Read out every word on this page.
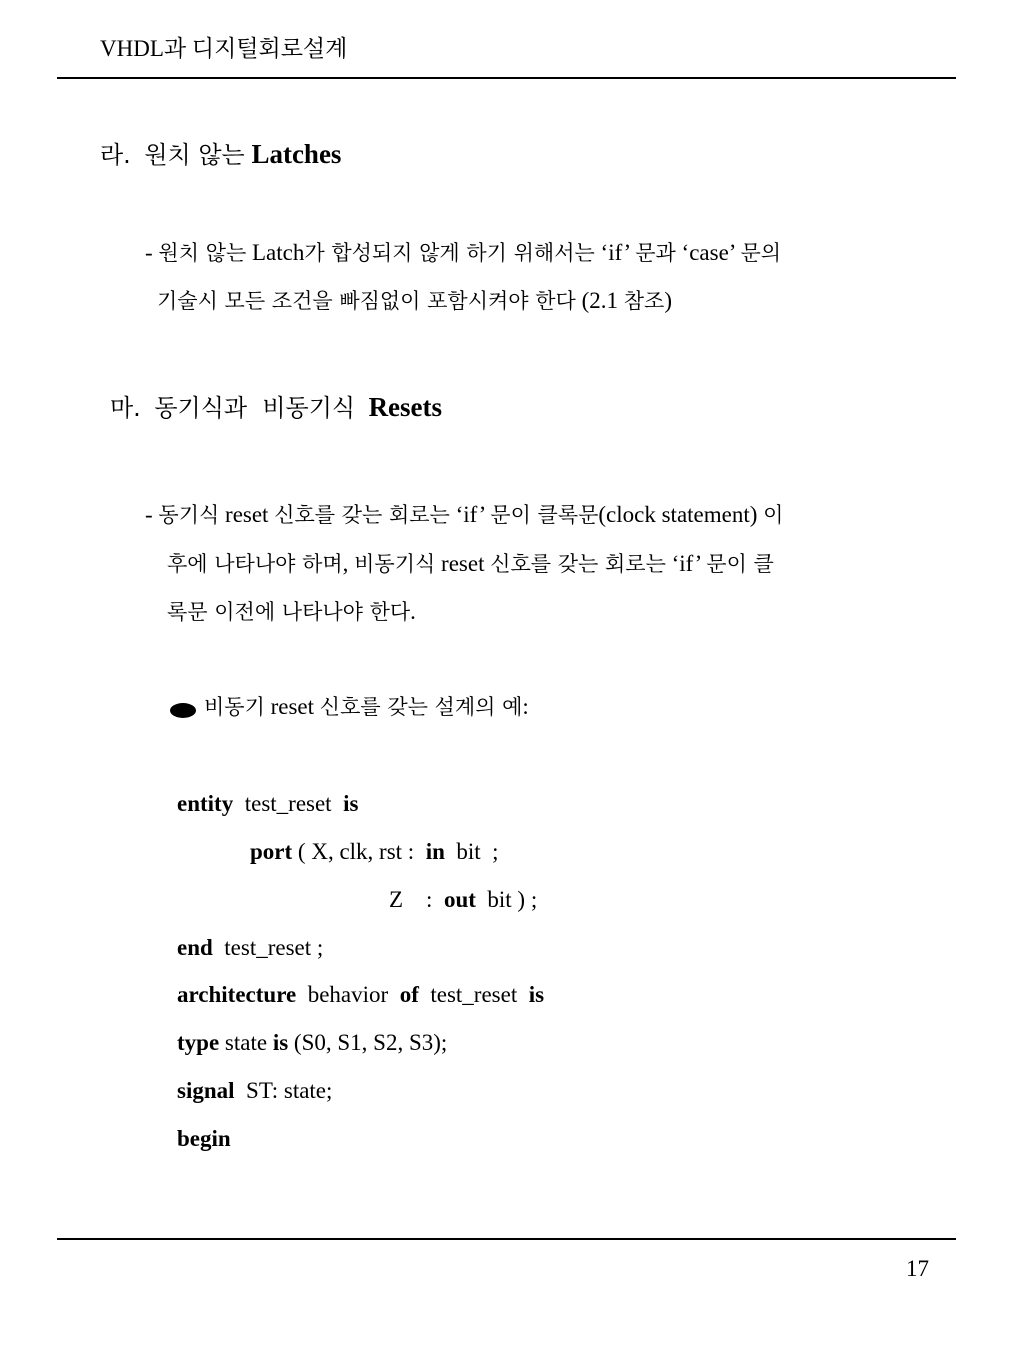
VHDL과 디지털회로설계
라. 원치 않는 Latches
- 원치 않는 Latch가 합성되지 않게 하기 위해서는 ‘if’ 문과 ‘case’ 문의
기술시 모든 조건을 빠짐없이 포함시켜야 한다 (2.1 참조)
마. 동기식과  비동기식 Resets
- 동기식 reset 신호를 갖는 회로는 ‘if’ 문이 클록문(clock statement) 이
후에 나타나야 하며, 비동기식 reset 신호를 갖는 회로는 ‘if’ 문이 클
록문 이전에 나타나야 한다.
비동기 reset 신호를 갖는 설계의 예:
entity  test_reset  is
port ( X, clk, rst :  in  bit  ;
Z    :  out  bit ) ;
end  test_reset ;
architecture  behavior  of  test_reset  is
type state is (S0, S1, S2, S3);
signal  ST: state;
begin
17
